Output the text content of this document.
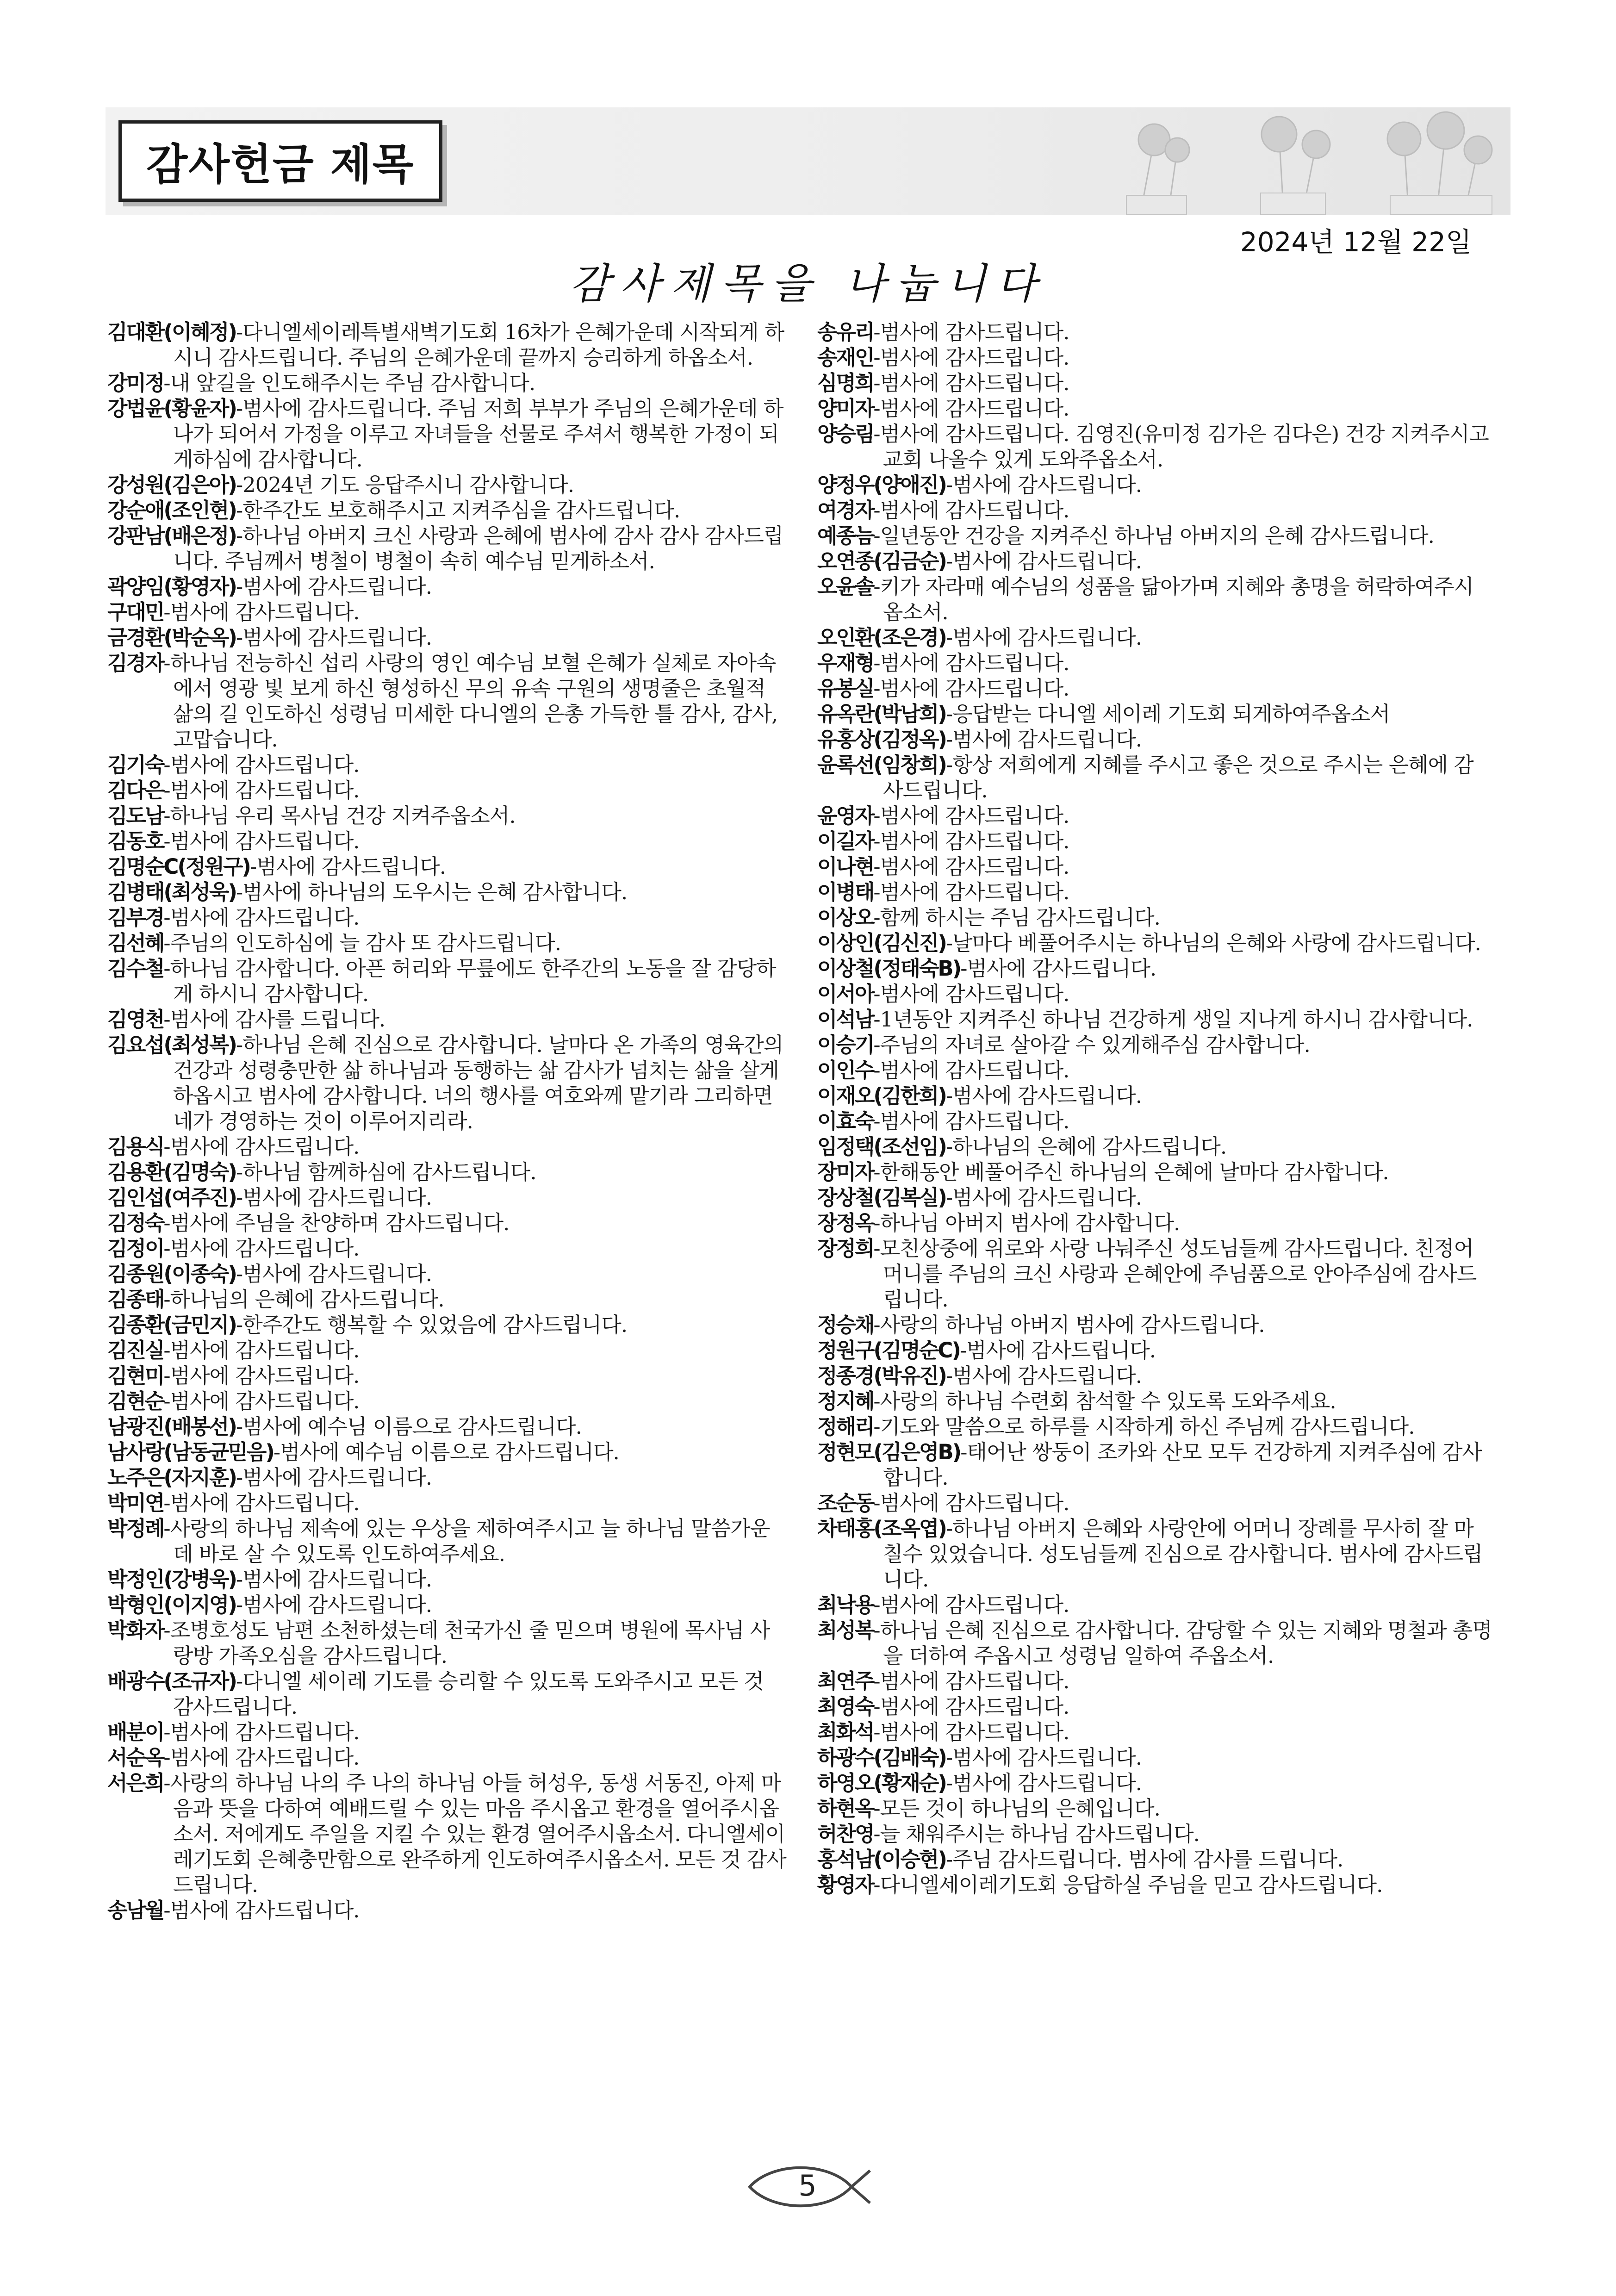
감사헌금 제목
2024년 12월 22일
감사제목을 나눕니다
김대환(이혜정)-다니엘세이레특별새벽기도회 16차가 은혜가운데 시작되게 하시니 감사드립니다. 주님의 은혜가운데 끝까지 승리하게 하옵소서.
강미정-내 앞길을 인도해주시는 주님 감사합니다.
강법윤(황윤자)-범사에 감사드립니다. 주님 저희 부부가 주님의 은혜가운데 하나가 되어서 가정을 이루고 자녀들을 선물로 주셔서 행복한 가정이 되게하심에 감사합니다.
강성원(김은아)-2024년 기도 응답주시니 감사합니다.
강순애(조인현)-한주간도 보호해주시고 지켜주심을 감사드립니다.
강판남(배은정)-하나님 아버지 크신 사랑과 은혜에 범사에 감사 감사 감사드립니다. 주님께서 병철이 병철이 속히 예수님 믿게하소서.
곽양임(황영자)-범사에 감사드립니다.
구대민-범사에 감사드립니다.
금경환(박순옥)-범사에 감사드립니다.
김경자-하나님 전능하신 섭리 사랑의 영인 예수님 보혈 은혜가 실체로 자아속에서 영광 빛 보게 하신 형성하신 무의 유속 구원의 생명줄은 초월적 삶의 길 인도하신 성령님 미세한 다니엘의 은총 가득한 틀 감사, 감사, 고맙습니다.
김기숙-범사에 감사드립니다.
김다은-범사에 감사드립니다.
김도남-하나님 우리 목사님 건강 지켜주옵소서.
김동호-범사에 감사드립니다.
김명순C(정원구)-범사에 감사드립니다.
김병태(최성욱)-범사에 하나님의 도우시는 은혜 감사합니다.
김부경-범사에 감사드립니다.
김선혜-주님의 인도하심에 늘 감사 또 감사드립니다.
김수철-하나님 감사합니다. 아픈 허리와 무릎에도 한주간의 노동을 잘 감당하게 하시니 감사합니다.
김영천-범사에 감사를 드립니다.
김요섭(최성복)-하나님 은혜 진심으로 감사합니다. 날마다 온 가족의 영육간의 건강과 성령충만한 삶 하나님과 동행하는 삶 감사가 넘치는 삶을 살게 하옵시고 범사에 감사합니다. 너의 행사를 여호와께 맡기라 그리하면 네가 경영하는 것이 이루어지리라.
김용식-범사에 감사드립니다.
김용환(김명숙)-하나님 함께하심에 감사드립니다.
김인섭(여주진)-범사에 감사드립니다.
김정숙-범사에 주님을 찬양하며 감사드립니다.
김정이-범사에 감사드립니다.
김종원(이종숙)-범사에 감사드립니다.
김종태-하나님의 은혜에 감사드립니다.
김종환(금민지)-한주간도 행복할 수 있었음에 감사드립니다.
김진실-범사에 감사드립니다.
김현미-범사에 감사드립니다.
김현순-범사에 감사드립니다.
남광진(배봉선)-범사에 예수님 이름으로 감사드립니다.
남사랑(남동균믿음)-범사에 예수님 이름으로 감사드립니다.
노주은(자지훈)-범사에 감사드립니다.
박미연-범사에 감사드립니다.
박정례-사랑의 하나님 제속에 있는 우상을 제하여주시고 늘 하나님 말씀가운데 바로 살 수 있도록 인도하여주세요.
박정인(강병욱)-범사에 감사드립니다.
박형인(이지영)-범사에 감사드립니다.
박화자-조병호성도 남편 소천하셨는데 천국가신 줄 믿으며 병원에 목사님 사랑방 가족오심을 감사드립니다.
배광수(조규자)-다니엘 세이레 기도를 승리할 수 있도록 도와주시고 모든 것 감사드립니다.
배분이-범사에 감사드립니다.
서순옥-범사에 감사드립니다.
서은희-사랑의 하나님 나의 주 나의 하나님 아들 허성우, 동생 서동진, 아제 마음과 뜻을 다하여 예배드릴 수 있는 마음 주시옵고 환경을 열어주시옵소서. 저에게도 주일을 지킬 수 있는 환경 열어주시옵소서. 다니엘세이레기도회 은혜충만함으로 완주하게 인도하여주시옵소서. 모든 것 감사드립니다.
송남월-범사에 감사드립니다.
송유리-범사에 감사드립니다.
송재인-범사에 감사드립니다.
심명희-범사에 감사드립니다.
양미자-범사에 감사드립니다.
양승림-범사에 감사드립니다. 김영진(유미정 김가은 김다은) 건강 지켜주시고 교회 나올수 있게 도와주옵소서.
양정우(양애진)-범사에 감사드립니다.
여경자-범사에 감사드립니다.
예종늠-일년동안 건강을 지켜주신 하나님 아버지의 은혜 감사드립니다.
오연종(김금순)-범사에 감사드립니다.
오윤솔-키가 자라매 예수님의 성품을 닮아가며 지혜와 총명을 허락하여주시옵소서.
오인환(조은경)-범사에 감사드립니다.
우재형-범사에 감사드립니다.
유봉실-범사에 감사드립니다.
유옥란(박남희)-응답받는 다니엘 세이레 기도회 되게하여주옵소서
유홍상(김정옥)-범사에 감사드립니다.
윤록선(임창희)-항상 저희에게 지혜를 주시고 좋은 것으로 주시는 은혜에 감사드립니다.
윤영자-범사에 감사드립니다.
이길자-범사에 감사드립니다.
이나현-범사에 감사드립니다.
이병태-범사에 감사드립니다.
이상오-함께 하시는 주님 감사드립니다.
이상인(김신진)-날마다 베풀어주시는 하나님의 은혜와 사랑에 감사드립니다.
이상철(정태숙B)-범사에 감사드립니다.
이서아-범사에 감사드립니다.
이석남-1년동안 지켜주신 하나님 건강하게 생일 지나게 하시니 감사합니다.
이승기-주님의 자녀로 살아갈 수 있게해주심 감사합니다.
이인수-범사에 감사드립니다.
이재오(김한희)-범사에 감사드립니다.
이효숙-범사에 감사드립니다.
임정택(조선임)-하나님의 은혜에 감사드립니다.
장미자-한해동안 베풀어주신 하나님의 은혜에 날마다 감사합니다.
장상철(김복실)-범사에 감사드립니다.
장정옥-하나님 아버지 범사에 감사합니다.
장정희-모친상중에 위로와 사랑 나눠주신 성도님들께 감사드립니다. 친정어머니를 주님의 크신 사랑과 은혜안에 주님품으로 안아주심에 감사드립니다.
정승채-사랑의 하나님 아버지 범사에 감사드립니다.
정원구(김명순C)-범사에 감사드립니다.
정종경(박유진)-범사에 감사드립니다.
정지혜-사랑의 하나님 수련회 참석할 수 있도록 도와주세요.
정해리-기도와 말씀으로 하루를 시작하게 하신 주님께 감사드립니다.
정현모(김은영B)-태어난 쌍둥이 조카와 산모 모두 건강하게 지켜주심에 감사합니다.
조순동-범사에 감사드립니다.
차태홍(조옥엽)-하나님 아버지 은혜와 사랑안에 어머니 장례를 무사히 잘 마칠수 있었습니다. 성도님들께 진심으로 감사합니다. 범사에 감사드립니다.
최낙용-범사에 감사드립니다.
최성복-하나님 은혜 진심으로 감사합니다. 감당할 수 있는 지혜와 명철과 총명을 더하여 주옵시고 성령님 일하여 주옵소서.
최연주-범사에 감사드립니다.
최영숙-범사에 감사드립니다.
최화석-범사에 감사드립니다.
하광수(김배숙)-범사에 감사드립니다.
하영오(황재순)-범사에 감사드립니다.
하현옥-모든 것이 하나님의 은혜입니다.
허찬영-늘 채워주시는 하나님 감사드립니다.
홍석남(이승현)-주님 감사드립니다. 범사에 감사를 드립니다.
황영자-다니엘세이레기도회 응답하실 주님을 믿고 감사드립니다.
5
